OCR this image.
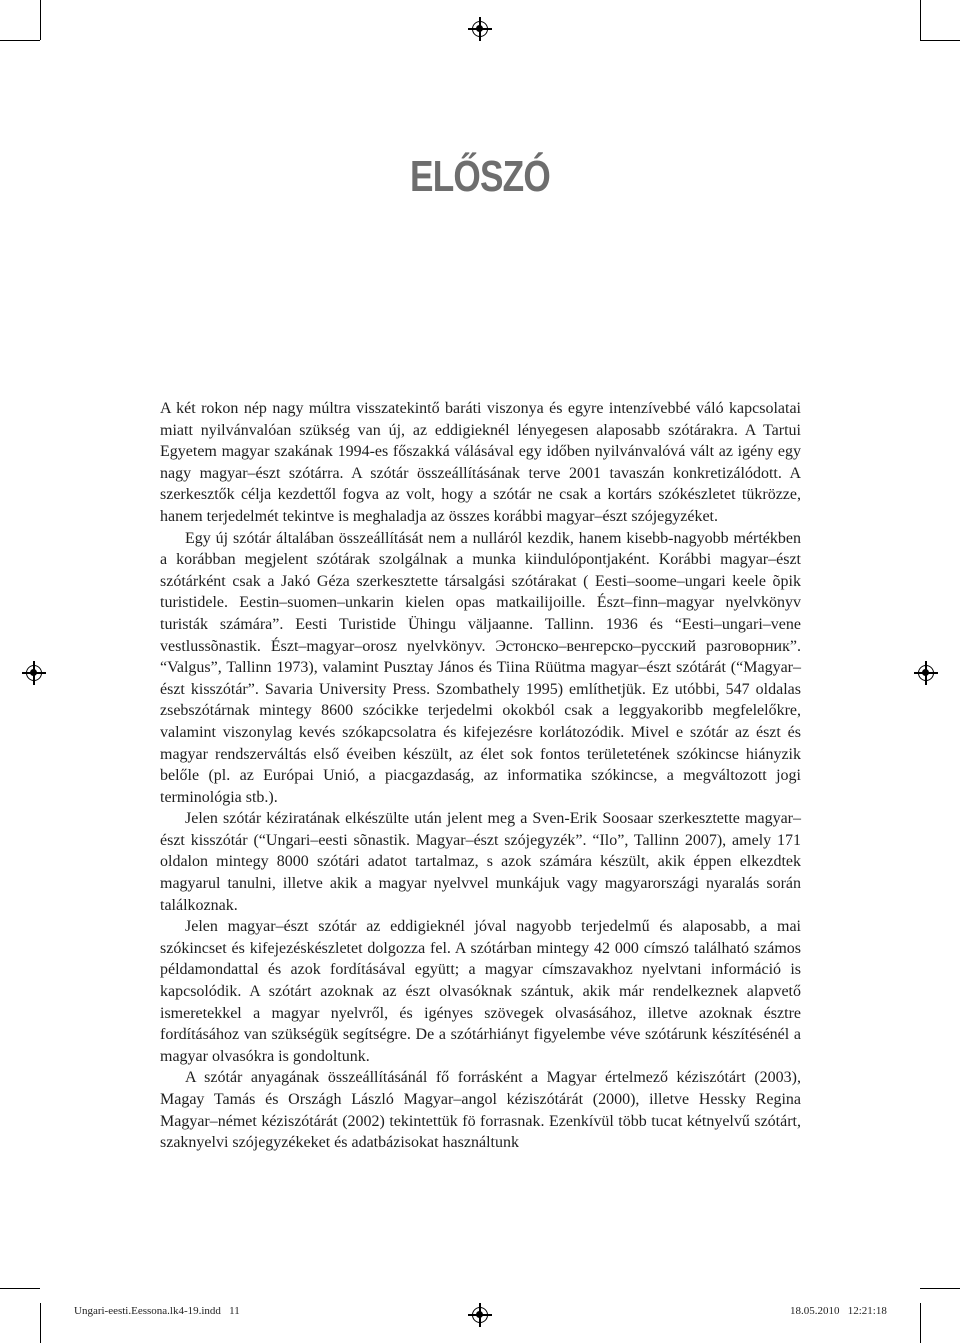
ELŐSZÓ

A két rokon nép nagy múltra visszatekintő baráti viszonya és egyre intenzívebbé váló kapcsolatai miatt nyilvánvalóan szükség van új, az eddigieknél lényegesen alaposabb szótárakra. A Tartui Egyetem magyar szakának 1994-es főszakká válásával egy időben nyilvánvalóvá vált az igény egy nagy magyar–észt szótárra. A szótár összeállításának terve 2001 tavaszán konkretizálódott. A szerkesztők célja kezdettől fogva az volt, hogy a szótár ne csak a kortárs szókészletet tükrözze, hanem terjedelmét tekintve is meghaladja az összes korábbi magyar–észt szójegyzéket.

Egy új szótár általában összeállítását nem a nulláról kezdik, hanem kisebb-nagyobb mértékben a korábban megjelent szótárak szolgálnak a munka kiindulópontjaként. Korábbi magyar–észt szótárként csak a Jakó Géza szerkesztette társalgási szótárakat ( Eesti–soome–ungari keele õpik turistidele. Eestin–suomen–unkarin kielen opas matkailijoille. Észt–finn–magyar nyelvkönyv turisták számára”. Eesti Turistide Ühingu väljaanne. Tallinn. 1936 és “Eesti–ungari–vene vestlussõnastik. Észt–magyar–orosz nyelvkönyv. Эстонско–венгерско–русский разговорник”. “Valgus”, Tallinn 1973), valamint Pusztay János és Tiina Rüütma magyar–észt szótárát (“Magyar–észt kisszótár”. Savaria University Press. Szombathely 1995) említhetjük. Ez utóbbi, 547 oldalas zsebszótárnak mintegy 8600 szócikke terjedelmi okokból csak a leggyakoribb megfelelőkre, valamint viszonylag kevés szókapcsolatra és kifejezésre korlátozódik. Mivel e szótár az észt és magyar rendszerváltás első éveiben készült, az élet sok fontos területetének szókincse hiányzik belőle (pl. az Európai Unió, a piacgazdaság, az informatika szókincse, a megváltozott jogi terminológia stb.).

Jelen szótár kéziratának elkészülte után jelent meg a Sven-Erik Soosaar szerkesztette magyar–észt kisszótár (“Ungari–eesti sõnastik. Magyar–észt szójegyzék”. “Ilo”, Tallinn 2007), amely 171 oldalon mintegy 8000 szótári adatot tartalmaz, s azok számára készült, akik éppen elkezdtek magyarul tanulni, illetve akik a magyar nyelvvel munkájuk vagy magyarországi nyaralás során találkoznak.

Jelen magyar–észt szótár az eddigieknél jóval nagyobb terjedelmű és alaposabb, a mai szókincset és kifejezéskészletet dolgozza fel. A szótárban mintegy 42 000 címszó található számos példamondattal és azok fordításával együtt; a magyar címszavakhoz nyelvtani információ is kapcsolódik. A szótárt azoknak az észt olvasóknak szántuk, akik már rendelkeznek alapvető ismeretekkel a magyar nyelvről, és igényes szövegek olvasásához, illetve azoknak észtre fordításához van szükségük segítségre. De a szótárhiányt figyelembe véve szótárunk készítésénél a magyar olvasókra is gondoltunk.

A szótár anyagának összeállításánál fő forrásként a Magyar értelmező kéziszótárt (2003), Magay Tamás és Országh László Magyar–angol kéziszótárát (2000), illetve Hessky Regina Magyar–német kéziszótárát (2002) tekintettük fö forrasnak. Ezenkívül több tucat kétnyelvű szótárt, szaknyelvi szójegyzékeket és adatbázisokat használtunk

Ungari-eesti.Eessona.lk4-19.indd   11	18.05.2010   12:21:18
